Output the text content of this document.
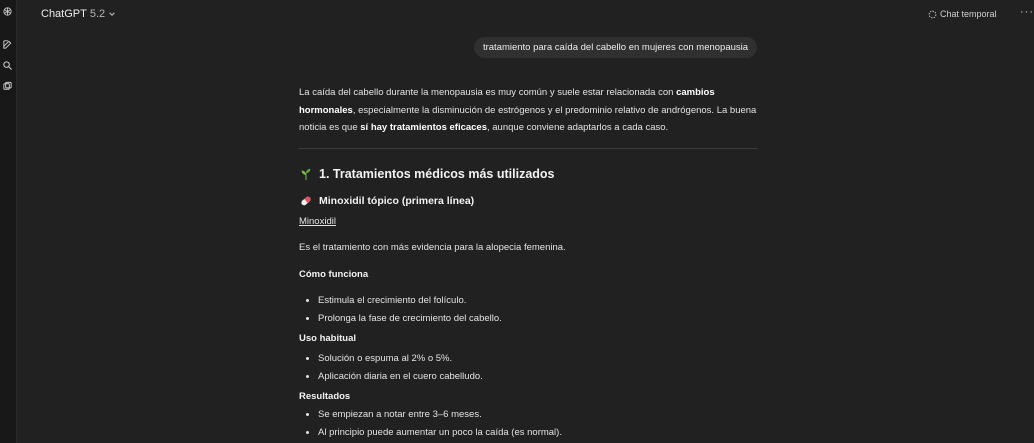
ChatGPT 5.2	Chat temporal ···
tratamiento para caída del cabello en mujeres con menopausia
La caída del cabello durante la menopausia es muy común y suele estar relacionada con cambios hormonales, especialmente la disminución de estrógenos y el predominio relativo de andrógenos. La buena noticia es que sí hay tratamientos eficaces, aunque conviene adaptarlos a cada caso.
1. Tratamientos médicos más utilizados
Minoxidil tópico (primera línea)
Minoxidil
Es el tratamiento con más evidencia para la alopecia femenina.
Cómo funciona
• Estimula el crecimiento del folículo.
• Prolonga la fase de crecimiento del cabello.
Uso habitual
• Solución o espuma al 2% o 5%.
• Aplicación diaria en el cuero cabelludo.
Resultados
• Se empiezan a notar entre 3–6 meses.
• Al principio puede aumentar un poco la caída (es normal).
